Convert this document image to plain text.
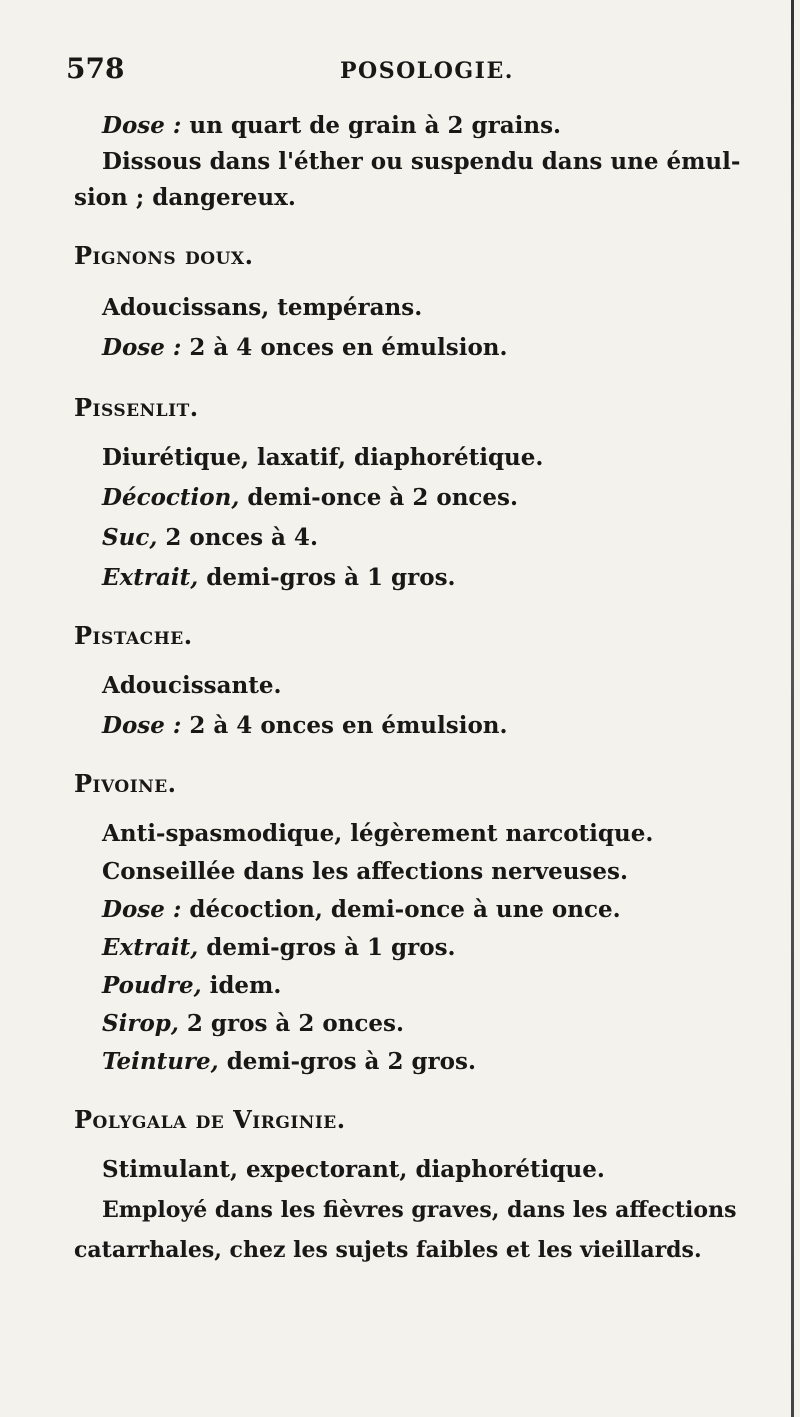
578	POSOLOGIE.
Dose : un quart de grain à 2 grains.
Dissous dans l'éther ou suspendu dans une émul-
sion ; dangereux.
Pignons doux.
Adoucissans, tempérans.
Dose : 2 à 4 onces en émulsion.
Pissenlit.
Diurétique, laxatif, diaphorétique.
Décoction, demi-once à 2 onces.
Suc, 2 onces à 4.
Extrait, demi-gros à 1 gros.
Pistache.
Adoucissante.
Dose : 2 à 4 onces en émulsion.
Pivoine.
Anti-spasmodique, légèrement narcotique.
Conseillée dans les affections nerveuses.
Dose : décoction, demi-once à une once.
Extrait, demi-gros à 1 gros.
Poudre, idem.
Sirop, 2 gros à 2 onces.
Teinture, demi-gros à 2 gros.
Polygala de Virginie.
Stimulant, expectorant, diaphorétique.
Employé dans les fièvres graves, dans les affections
catarrhales, chez les sujets faibles et les vieillards.
